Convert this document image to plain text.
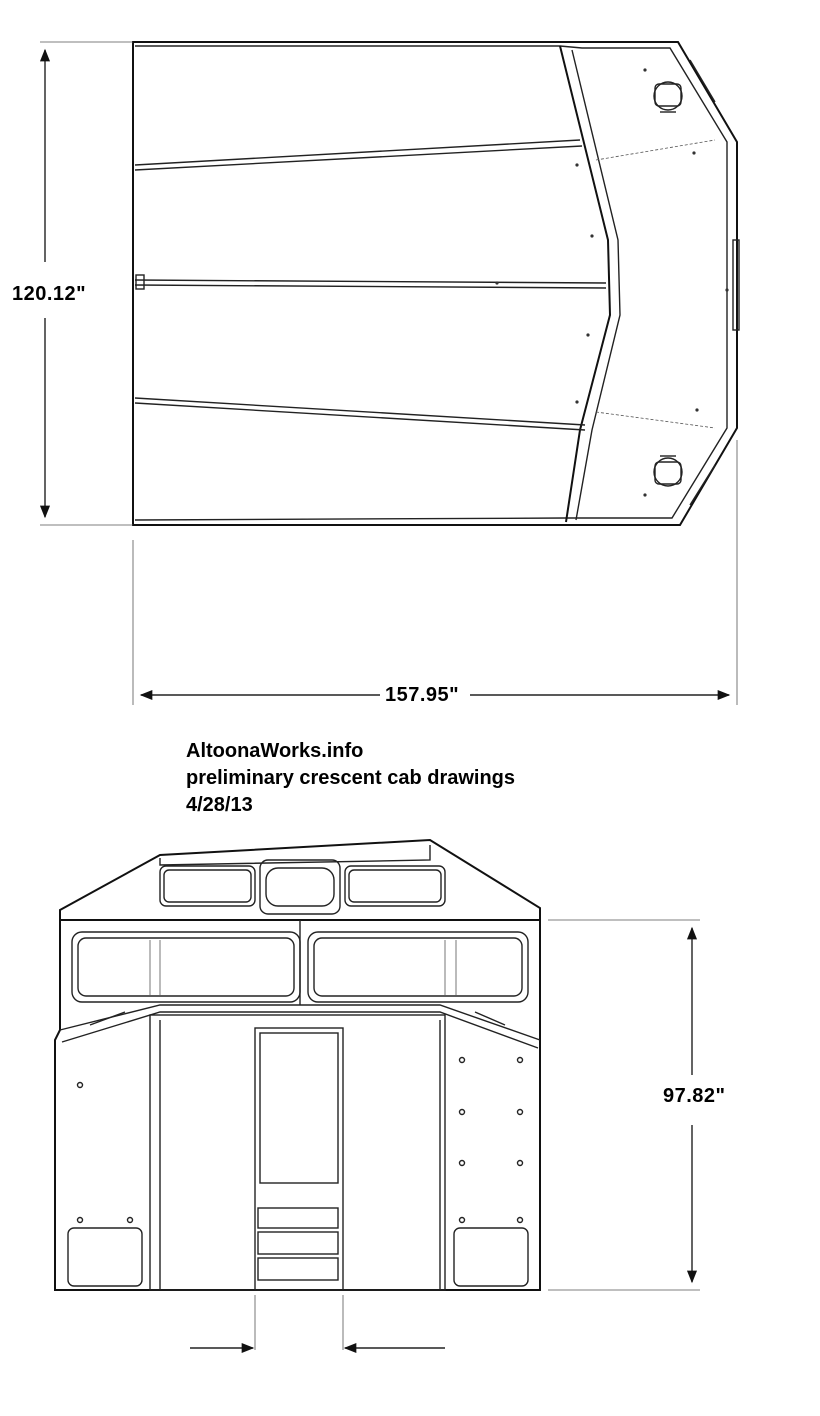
120.12"
157.95"
97.82"
AltoonaWorks.info
preliminary crescent cab drawings
4/28/13
